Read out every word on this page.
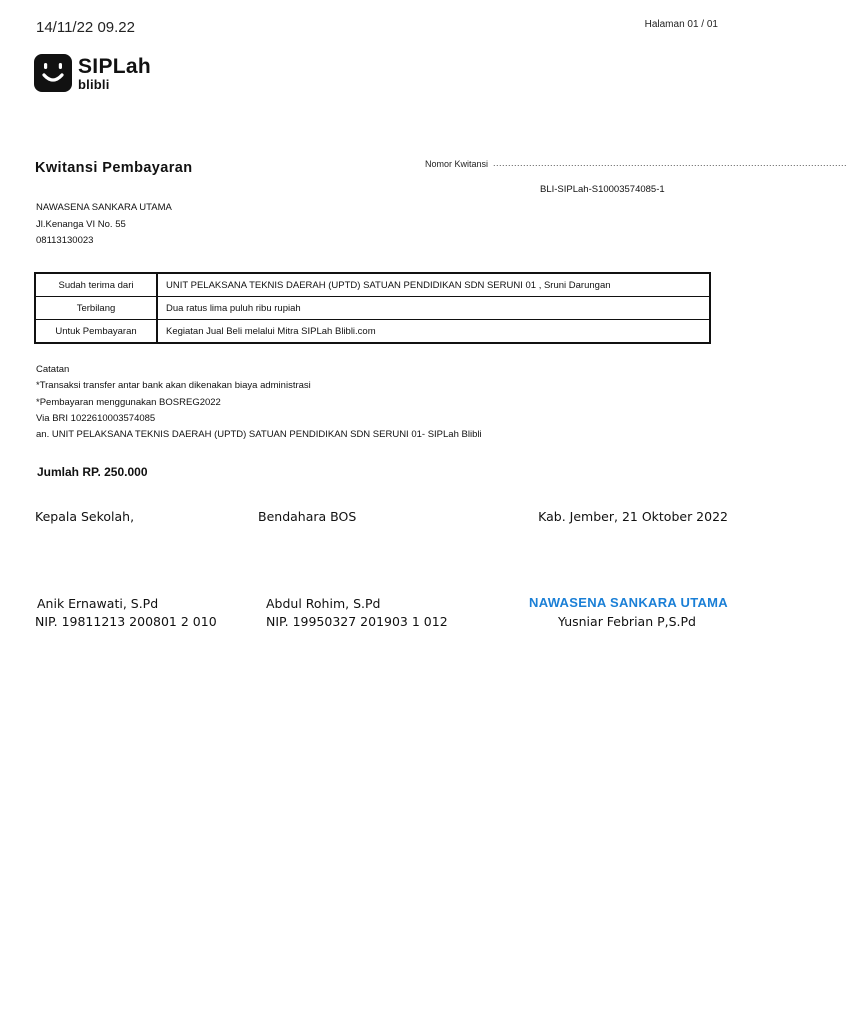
14/11/22 09.22	Halaman 01 / 01
SIPLah
blibli
Kwitansi Pembayaran	Nomor Kwitansi ......................................................................................................................
BLI-SIPLah-S10003574085-1
NAWASENA SANKARA UTAMA
Jl.Kenanga VI No. 55
08113130023
Sudah terima dari	UNIT PELAKSANA TEKNIS DAERAH (UPTD) SATUAN PENDIDIKAN SDN SERUNI 01 , Sruni Darungan
Terbilang	Dua ratus lima puluh ribu rupiah
Untuk Pembayaran	Kegiatan Jual Beli melalui Mitra SIPLah Blibli.com
Catatan
*Transaksi transfer antar bank akan dikenakan biaya administrasi
*Pembayaran menggunakan BOSREG2022
Via BRI 1022610003574085
an. UNIT PELAKSANA TEKNIS DAERAH (UPTD) SATUAN PENDIDIKAN SDN SERUNI 01- SIPLah Blibli
Jumlah RP. 250.000
Kepala Sekolah,	Bendahara BOS	Kab. Jember, 21 Oktober 2022
Anik Ernawati, S.Pd
NIP. 19811213 200801 2 010
Abdul Rohim, S.Pd
NIP. 19950327 201903 1 012
NAWASENA SANKARA UTAMA
Yusniar Febrian P,S.Pd
